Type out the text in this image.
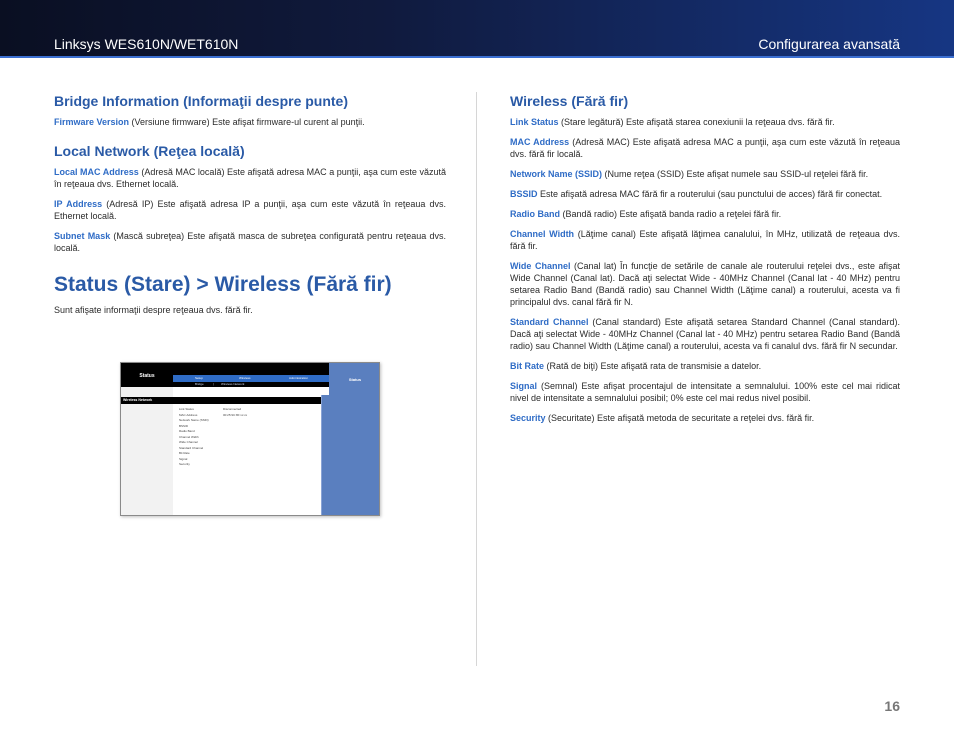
Linksys WES610N/WET610N	Configurarea avansată
Bridge Information (Informaţii despre punte)

Firmware Version (Versiune firmware) Este afişat firmware-ul curent al punţii.

Local Network (Reţea locală)

Local MAC Address (Adresă MAC locală) Este afişată adresa MAC a punţii, aşa cum este văzută în reţeaua dvs. Ethernet locală.

IP Address (Adresă IP) Este afişată adresa IP a punţii, aşa cum este văzută în reţeaua dvs. Ethernet locală.

Subnet Mask (Mască subreţea) Este afişată masca de subreţea configurată pentru reţeaua dvs. locală.

Status (Stare) > Wireless (Fără fir)

Sunt afişate informaţii despre reţeaua dvs. fără fir.

Status	Setup	Wireless	Administration
Bridge	| Wireless Network
Status
Wireless Network
Link Status	Disconnected
MAC Address	00:25:9C:8F:xx:xx
Network Name (SSID)
BSSID
Radio Band
Channel Width
Wide Channel
Standard Channel
Bit Rate
Signal
Security
Wireless (Fără fir)

Link Status (Stare legătură) Este afişată starea conexiunii la reţeaua dvs. fără fir.

MAC Address (Adresă MAC) Este afişată adresa MAC a punţii, aşa cum este văzută în reţeaua dvs. fără fir locală.

Network Name (SSID) (Nume reţea (SSID) Este afişat numele sau SSID-ul reţelei fără fir.

BSSID Este afişată adresa MAC fără fir a routerului (sau punctului de acces) fără fir conectat.

Radio Band (Bandă radio) Este afişată banda radio a reţelei fără fir.

Channel Width (Lăţime canal) Este afişată lăţimea canalului, în MHz, utilizată de reţeaua dvs. fără fir.

Wide Channel (Canal lat) În funcţie de setările de canale ale routerului reţelei dvs., este afişat Wide Channel (Canal lat). Dacă aţi selectat Wide - 40MHz Channel (Canal lat - 40 MHz) pentru setarea Radio Band (Bandă radio) sau Channel Width (Lăţime canal) a routerului, acesta va fi principalul dvs. canal fără fir N.

Standard Channel (Canal standard) Este afişată setarea Standard Channel (Canal standard). Dacă aţi selectat Wide - 40MHz Channel (Canal lat - 40 MHz) pentru setarea Radio Band (Bandă radio) sau Channel Width (Lăţime canal) a routerului, acesta va fi canalul dvs. fără fir N secundar.

Bit Rate (Rată de biţi) Este afişată rata de transmisie a datelor.

Signal (Semnal) Este afişat procentajul de intensitate a semnalului. 100% este cel mai ridicat nivel de intensitate a semnalului posibil; 0% este cel mai redus nivel posibil.

Security (Securitate) Este afişată metoda de securitate a reţelei dvs. fără fir.

16
